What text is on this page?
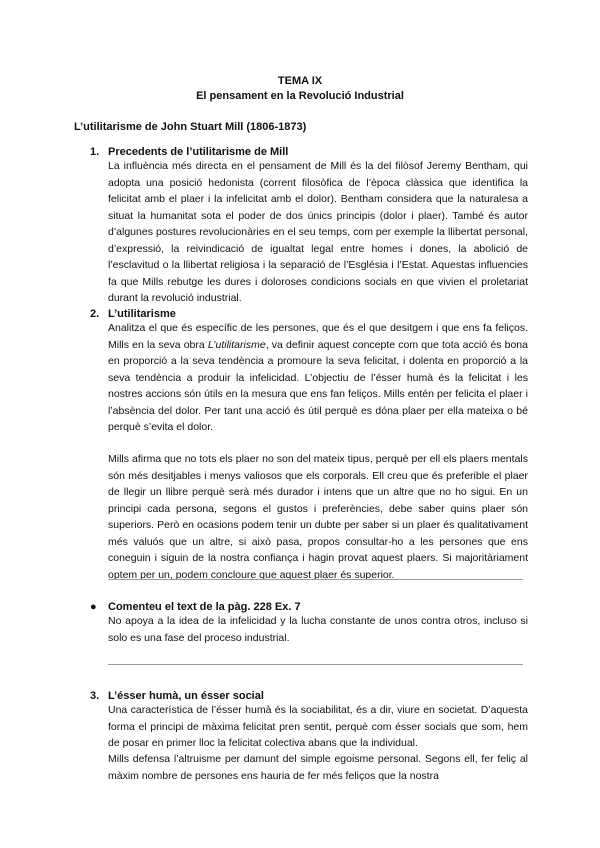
TEMA IX
El pensament en la Revolució Industrial
L’utilitarisme de John Stuart Mill (1806-1873)
1. Precedents de l’utilitarisme de Mill

La influència més directa en el pensament de Mill és la del filòsof Jeremy Bentham, qui adopta una posició hedonista (corrent filosòfica de l’època clàssica que identifica la felicitat amb el plaer i la infelicitat amb el dolor). Bentham considera que la naturalesa a situat la humanitat sota el poder de dos únics principis (dolor i plaer). També és autor d’algunes postures revolucionàries en el seu temps, com per exemple la llibertat personal, d’expressió, la reivindicació de igualtat legal entre homes i dones, la abolició de l’esclavitud o la llibertat religiosa i la separació de l’Església i l’Estat. Aquestas influencies fa que Mills rebutge les dures i doloroses condicions socials en que vivien el proletariat durant la revolució industrial.

2. L’utilitarisme

Analitza el que és específic de les persones, que és el que desitgem i que ens fa feliços. Mills en la seva obra L’utilitarisme, va definir aquest concepte com que tota acció és bona en proporció a la seva tendència a promoure la seva felicitat, i dolenta en proporció a la seva tendència a produir la infelicidad. L’objectiu de l’ésser humà és la felicitat i les nostres accions són útils en la mesura que ens fan feliços. Mills entén per felicita el plaer i l’absència del dolor. Per tant una acció és útil perquè es dóna plaer per ella mateixa o bé perquè s’evita el dolor.

Mills afirma que no tots els plaer no son del mateix tipus, perquè per ell els plaers mentals són més desitjables i menys valiosos que els corporals. Ell creu que és preferible el plaer de llegir un llibre perquè serà més durador i intens que un altre que no ho sigui. En un principi cada persona, segons el gustos i preferències, debe saber quins plaer són superiors. Però en ocasions podem tenir un dubte per saber si un plaer és qualitativament més valuós que un altre, si això pasa, propos consultar-ho a les persones que ens coneguin i siguin de la nostra confiança i hagin provat aquest plaers. Si majoritàriament optem per un, podem concloure que aquest plaer és superior.

● Comenteu el text de la pàg. 228 Ex. 7

No apoya a la idea de la infelicidad y la lucha constante de unos contra otros, incluso si solo es una fase del proceso industrial.

3. L’ésser humà, un ésser social

Una característica de l’ésser humà és la sociabilitat, és a dir, viure en societat. D’aquesta forma el principi de màxima felicitat pren sentit, perquè com ésser socials que som, hem de posar en primer lloc la felicitat colectiva abans que la individual.

Mills defensa l’altruisme per damunt del simple egoisme personal. Segons ell, fer feliç al màxim nombre de persones ens hauria de fer més feliços que la nostra
